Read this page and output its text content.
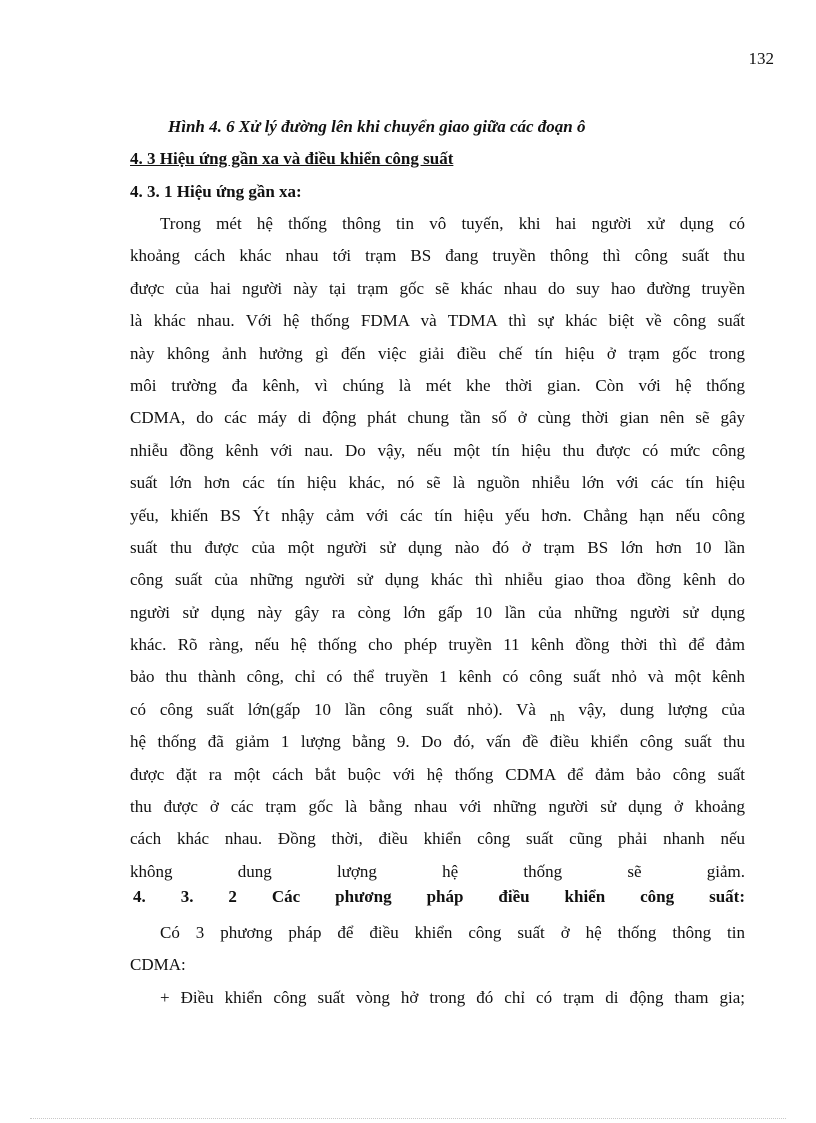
132
Hình 4. 6 Xử lý đường lên khi chuyển giao giữa các đoạn ô
4. 3 Hiệu ứng gần xa và điều khiển công suất
4. 3. 1 Hiệu ứng gần xa:
Trong mét hệ thống thông tin vô tuyến, khi hai người xử dụng có
khoảng cách khác nhau tới trạm BS đang truyền thông thì công suất thu
được của hai người này tại trạm gốc sẽ khác nhau do suy hao đường truyền
là khác nhau. Với hệ thống FDMA và TDMA thì sự khác biệt về công suất
này không ảnh hưởng gì đến việc giải điều chế tín hiệu ở trạm gốc trong
môi trường đa kênh, vì chúng là mét khe thời gian. Còn với hệ thống
CDMA, do các máy di động phát chung tần số ở cùng thời gian nên sẽ gây
nhiễu đồng kênh với nau. Do vậy, nếu một tín hiệu thu được có mức công
suất lớn hơn các tín hiệu khác, nó sẽ là nguồn nhiễu lớn với các tín hiệu
yếu, khiến BS Ýt nhậy cảm với các tín hiệu yếu hơn. Chẳng hạn nếu công
suất thu được của một người sử dụng nào đó ở trạm BS lớn hơn 10 lần
công suất của những người sử dụng khác thì nhiễu giao thoa đồng kênh do
người sử dụng này gây ra còng lớn gấp 10 lần của những người sử dụng
khác. Rõ ràng, nếu hệ thống cho phép truyền 11 kênh đồng thời thì để đảm
bảo thu thành công, chỉ có thể truyền 1 kênh có công suất nhỏ và một kênh
có công suất lớn(gấp 10 lần công suất nhỏ). Và nh vậy, dung lượng của
hệ thống đã giảm 1 lượng bằng 9. Do đó, vấn đề điều khiển công suất thu
được đặt ra một cách bắt buộc với hệ thống CDMA để đảm bảo công suất
thu được ở các trạm gốc là bằng nhau với những người sử dụng ở khoảng
cách khác nhau. Đồng thời, điều khiển công suất cũng phải nhanh nếu
không dung lượng hệ thống sẽ giảm.
4. 3. 2 Các phương pháp điều khiển công suất:
Có 3 phương pháp để điều khiển công suất ở hệ thống thông tin
CDMA:
+ Điều khiển công suất vòng hở trong đó chỉ có trạm di động tham gia;
